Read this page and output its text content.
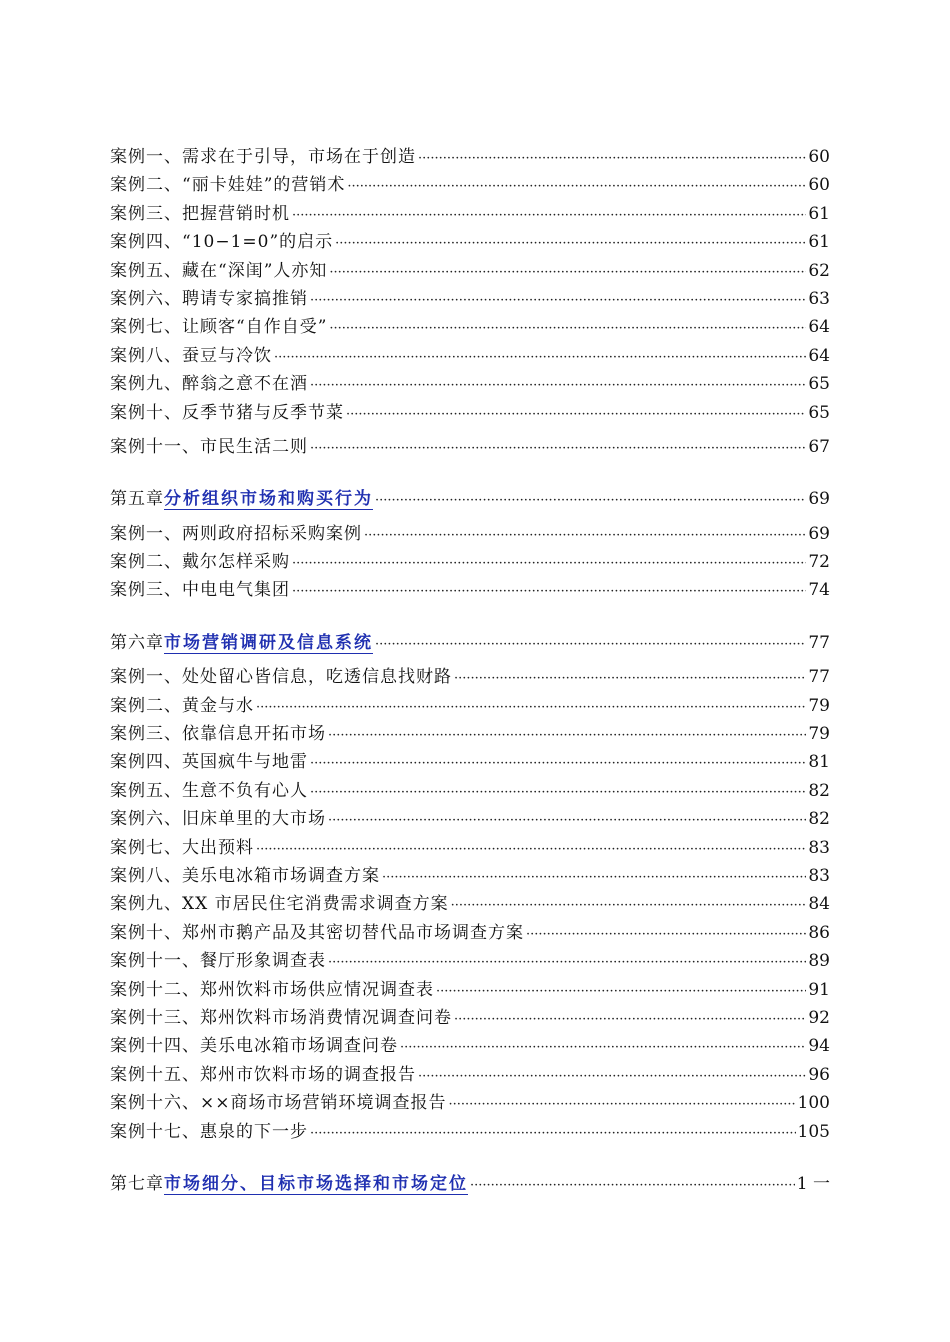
案例一、需求在于引导，市场在于创造 ·····	60
案例二、“丽卡娃娃”的营销术 ·····	60
案例三、把握营销时机 ·····	61
案例四、“10−1=0”的启示 ·····	61
案例五、藏在“深闺”人亦知 ·····	62
案例六、聘请专家搞推销 ·····	63
案例七、让顾客“自作自受” ·····	64
案例八、蚕豆与冷饮 ·····	64
案例九、醉翁之意不在酒 ·····	65
案例十、反季节猪与反季节菜 ·····	65
案例十一、市民生活二则 ·····	67
第五章 分析组织市场和购买行为 ·····	69
案例一、两则政府招标采购案例 ·····	69
案例二、戴尔怎样采购 ·····	72
案例三、中电电气集团 ·····	74
第六章 市场营销调研及信息系统 ·····	77
案例一、处处留心皆信息，吃透信息找财路 ·····	77
案例二、黄金与水 ·····	79
案例三、依靠信息开拓市场 ·····	79
案例四、英国疯牛与地雷 ·····	81
案例五、生意不负有心人 ·····	82
案例六、旧床单里的大市场 ·····	82
案例七、大出预料 ·····	83
案例八、美乐电冰箱市场调查方案 ·····	83
案例九、XX 市居民住宅消费需求调查方案 ·····	84
案例十、郑州市鹅产品及其密切替代品市场调查方案 ·····	86
案例十一、餐厅形象调查表 ·····	89
案例十二、郑州饮料市场供应情况调查表 ·····	91
案例十三、郑州饮料市场消费情况调查问卷 ·····	92
案例十四、美乐电冰箱市场调查问卷 ·····	94
案例十五、郑州市饮料市场的调查报告 ·····	96
案例十六、××商场市场营销环境调查报告 ·····	100
案例十七、惠泉的下一步 ·····	105
第七章 市场细分、目标市场选择和市场定位 ·····	1 一
